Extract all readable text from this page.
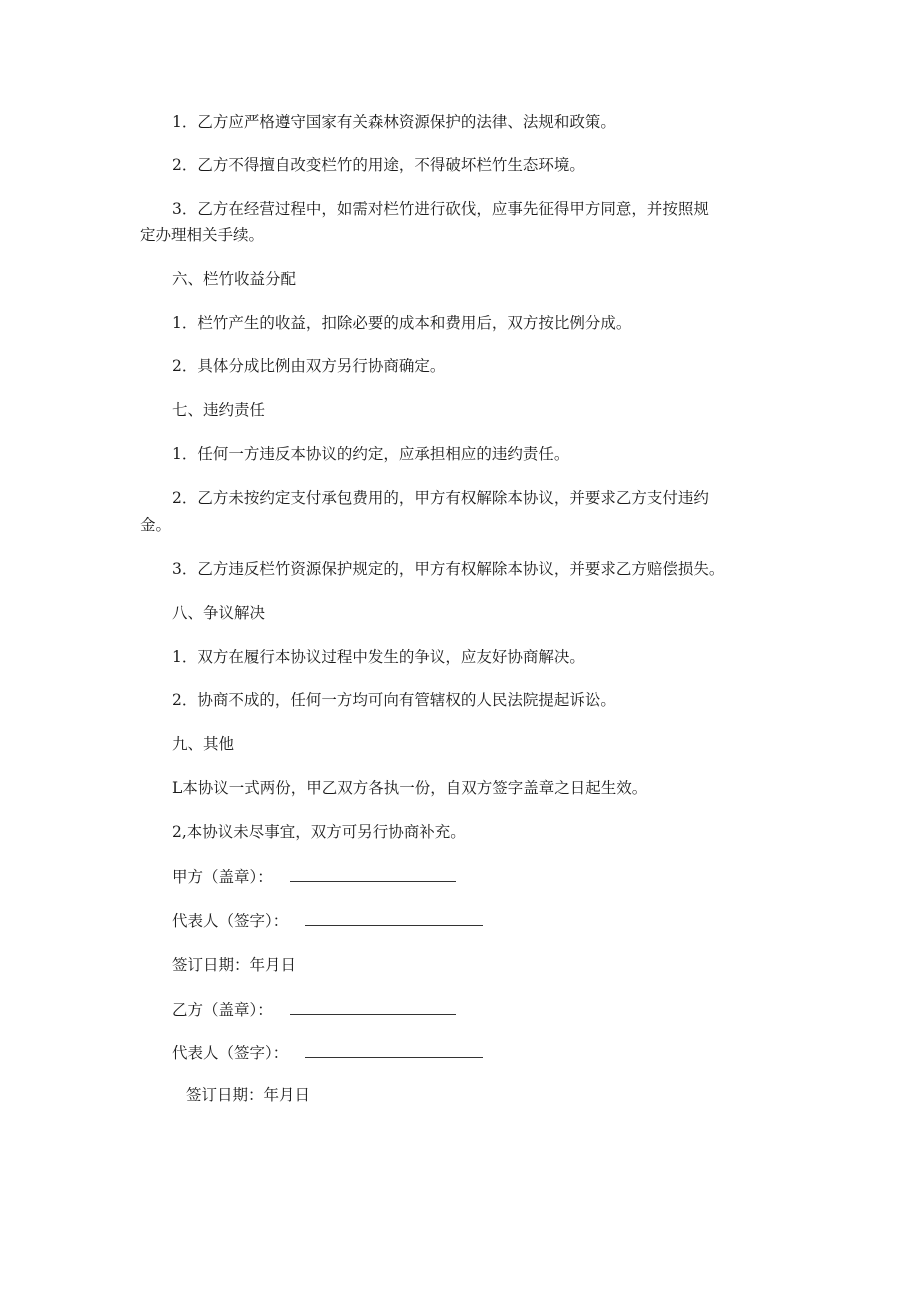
1．乙方应严格遵守国家有关森林资源保护的法律、法规和政策。

2．乙方不得擅自改变栏竹的用途，不得破坏栏竹生态环境。

3．乙方在经营过程中，如需对栏竹进行砍伐，应事先征得甲方同意，并按照规

定办理相关手续。

六、栏竹收益分配

1．栏竹产生的收益，扣除必要的成本和费用后，双方按比例分成。

2．具体分成比例由双方另行协商确定。

七、违约责任

1．任何一方违反本协议的约定，应承担相应的违约责任。

2．乙方未按约定支付承包费用的，甲方有权解除本协议，并要求乙方支付违约

金。

3．乙方违反栏竹资源保护规定的，甲方有权解除本协议，并要求乙方赔偿损失。

八、争议解决

1．双方在履行本协议过程中发生的争议，应友好协商解决。

2．协商不成的，任何一方均可向有管辖权的人民法院提起诉讼。

九、其他

L本协议一式两份，甲乙双方各执一份，自双方签字盖章之日起生效。

2,本协议未尽事宜，双方可另行协商补充。

甲方（盖章）：
代表人（签字）：

签订日期：年月日

乙方（盖章）：
代表人（签字）：

签订日期：年月日
